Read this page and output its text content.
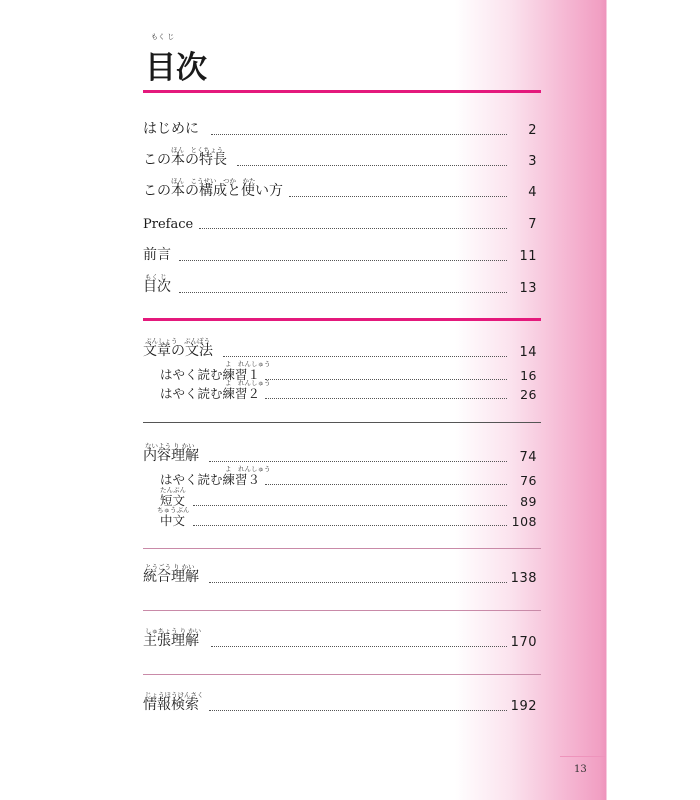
もく じ
目次
はじめに	2
ほん　とくちょう
この本の特長	3
ほん　こうせい　つか　かた
この本の構成と使い方	4
Preface	7
前言	11
もく じ
目次	13
ぶんしょう　ぶんぽう
文章の文法	14
よ　れんしゅう
はやく読む練習１	16
よ　れんしゅう
はやく読む練習２	26
ないよう り かい
内容理解	74
よ　れんしゅう
はやく読む練習３	76
たんぶん
短文	89
ちゅうぶん
中文	108
とうごう り かい
統合理解	138
しゅちょう り かい
主張理解	170
じょうほうけんさく
情報検索	192
13
